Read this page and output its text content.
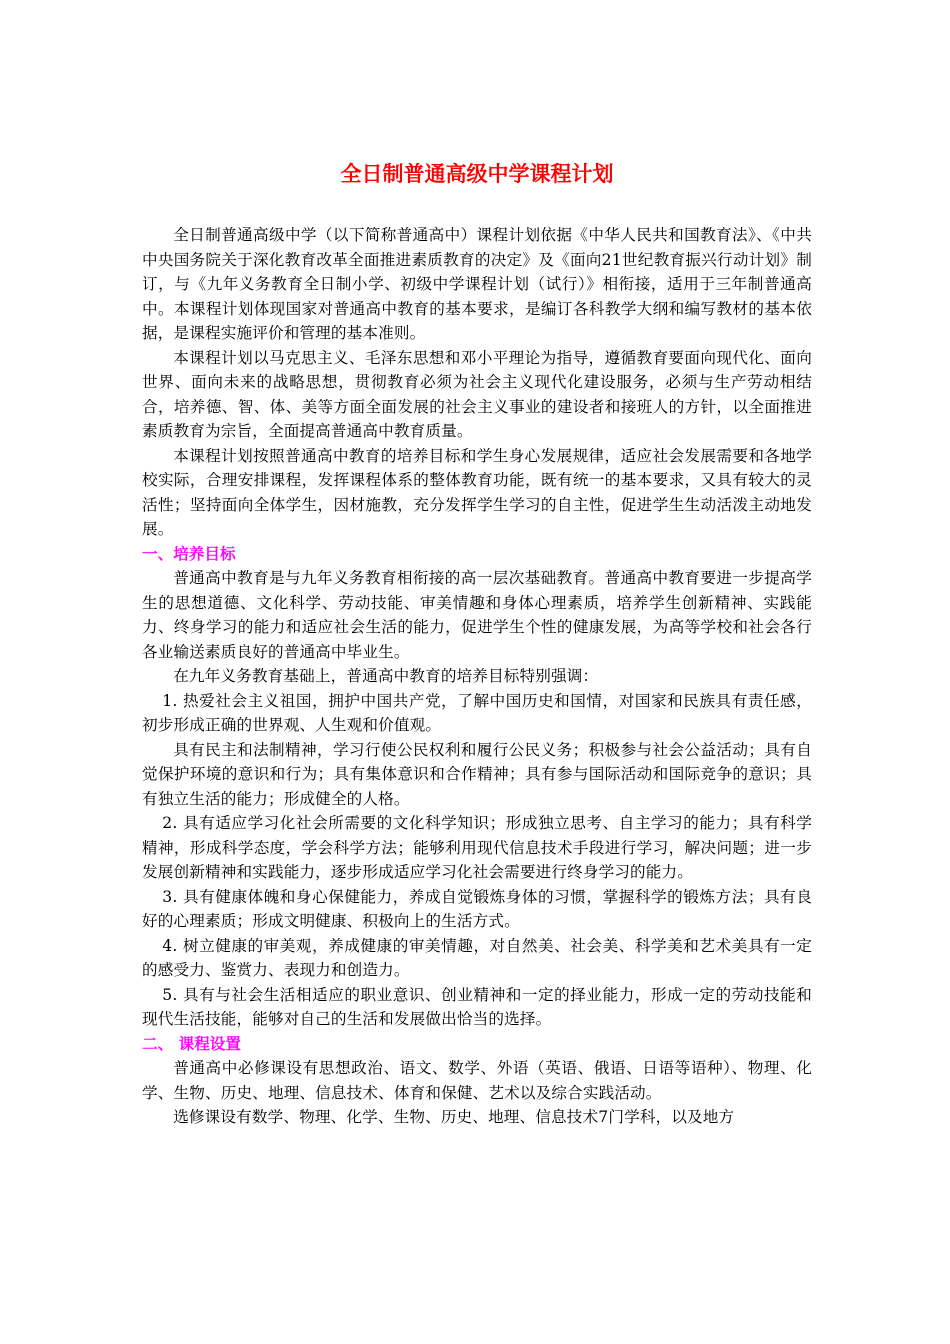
全日制普通高级中学课程计划

全日制普通高级中学（以下简称普通高中）课程计划依据《中华人民共和国教育法》、《中共中央国务院关于深化教育改革全面推进素质教育的决定》及《面向21世纪教育振兴行动计划》制订，与《九年义务教育全日制小学、初级中学课程计划（试行）》相衔接，适用于三年制普通高中。本课程计划体现国家对普通高中教育的基本要求，是编订各科教学大纲和编写教材的基本依据，是课程实施评价和管理的基本准则。

本课程计划以马克思主义、毛泽东思想和邓小平理论为指导，遵循教育要面向现代化、面向世界、面向未来的战略思想，贯彻教育必须为社会主义现代化建设服务，必须与生产劳动相结合，培养德、智、体、美等方面全面发展的社会主义事业的建设者和接班人的方针，以全面推进素质教育为宗旨，全面提高普通高中教育质量。

本课程计划按照普通高中教育的培养目标和学生身心发展规律，适应社会发展需要和各地学校实际，合理安排课程，发挥课程体系的整体教育功能，既有统一的基本要求，又具有较大的灵活性；坚持面向全体学生，因材施教，充分发挥学生学习的自主性，促进学生生动活泼主动地发展。

一、培养目标

普通高中教育是与九年义务教育相衔接的高一层次基础教育。普通高中教育要进一步提高学生的思想道德、文化科学、劳动技能、审美情趣和身体心理素质，培养学生创新精神、实践能力、终身学习的能力和适应社会生活的能力，促进学生个性的健康发展，为高等学校和社会各行各业输送素质良好的普通高中毕业生。

在九年义务教育基础上，普通高中教育的培养目标特别强调：

1. 热爱社会主义祖国，拥护中国共产党，了解中国历史和国情，对国家和民族具有责任感，初步形成正确的世界观、人生观和价值观。

具有民主和法制精神，学习行使公民权利和履行公民义务；积极参与社会公益活动；具有自觉保护环境的意识和行为；具有集体意识和合作精神；具有参与国际活动和国际竞争的意识；具有独立生活的能力；形成健全的人格。

2. 具有适应学习化社会所需要的文化科学知识；形成独立思考、自主学习的能力；具有科学精神，形成科学态度，学会科学方法；能够利用现代信息技术手段进行学习，解决问题；进一步发展创新精神和实践能力，逐步形成适应学习化社会需要进行终身学习的能力。

3. 具有健康体魄和身心保健能力，养成自觉锻炼身体的习惯，掌握科学的锻炼方法；具有良好的心理素质；形成文明健康、积极向上的生活方式。

4. 树立健康的审美观，养成健康的审美情趣，对自然美、社会美、科学美和艺术美具有一定的感受力、鉴赏力、表现力和创造力。

5. 具有与社会生活相适应的职业意识、创业精神和一定的择业能力，形成一定的劳动技能和现代生活技能，能够对自己的生活和发展做出恰当的选择。

二、 课程设置

普通高中必修课设有思想政治、语文、数学、外语（英语、俄语、日语等语种）、物理、化学、生物、历史、地理、信息技术、体育和保健、艺术以及综合实践活动。

选修课设有数学、物理、化学、生物、历史、地理、信息技术7门学科，以及地方
